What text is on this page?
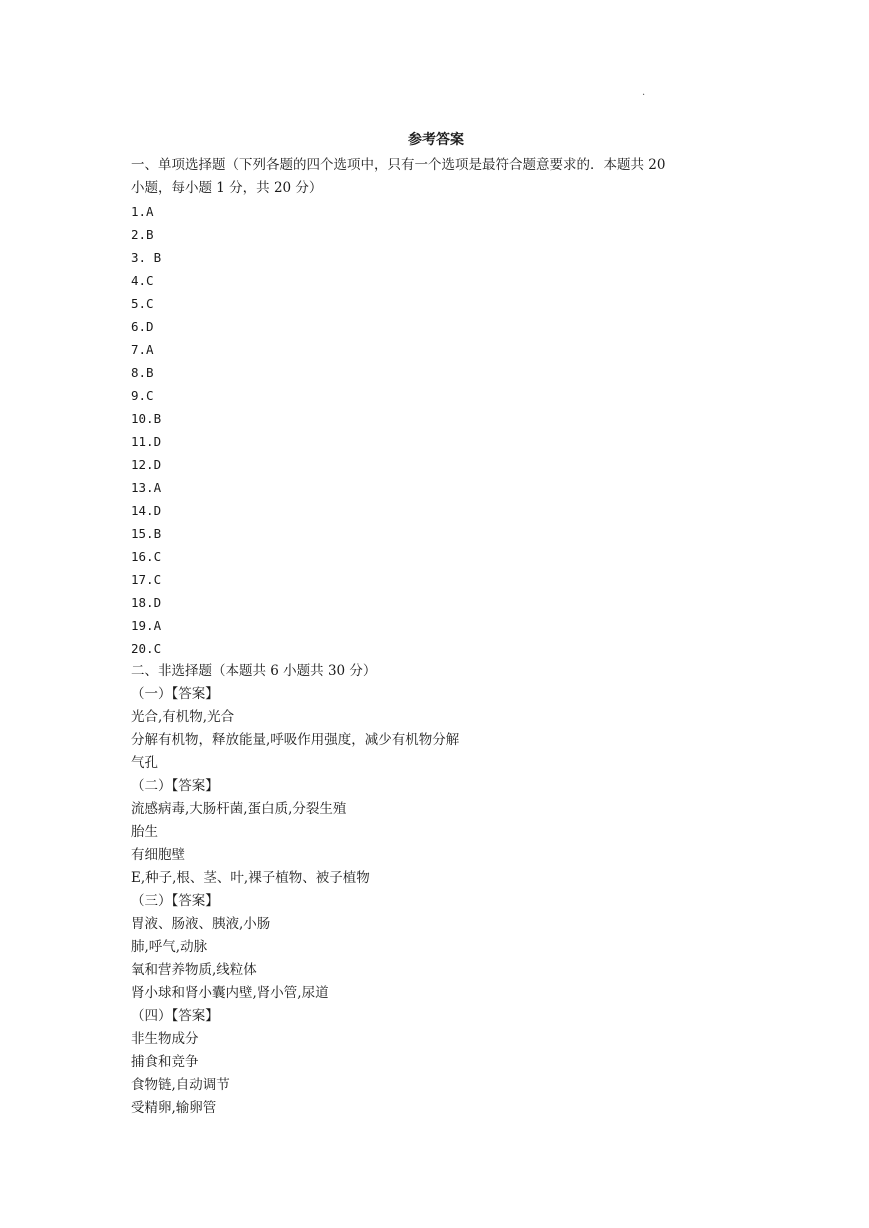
.
参考答案
一、单项选择题（下列各题的四个选项中，只有一个选项是最符合题意要求的．本题共 20
小题，每小题 1 分，共 20 分）
1.A
2.B
3. B
4.C
5.C
6.D
7.A
8.B
9.C
10.B
11.D
12.D
13.A
14.D
15.B
16.C
17.C
18.D
19.A
20.C
二、非选择题（本题共 6 小题共 30 分）
（一）【答案】
光合,有机物,光合
分解有机物，释放能量,呼吸作用强度，减少有机物分解
气孔
（二）【答案】
流感病毒,大肠杆菌,蛋白质,分裂生殖
胎生
有细胞壁
E,种子,根、茎、叶,裸子植物、被子植物
（三）【答案】
胃液、肠液、胰液,小肠
肺,呼气,动脉
氧和营养物质,线粒体
肾小球和肾小囊内壁,肾小管,尿道
（四）【答案】
非生物成分
捕食和竞争
食物链,自动调节
受精卵,输卵管
